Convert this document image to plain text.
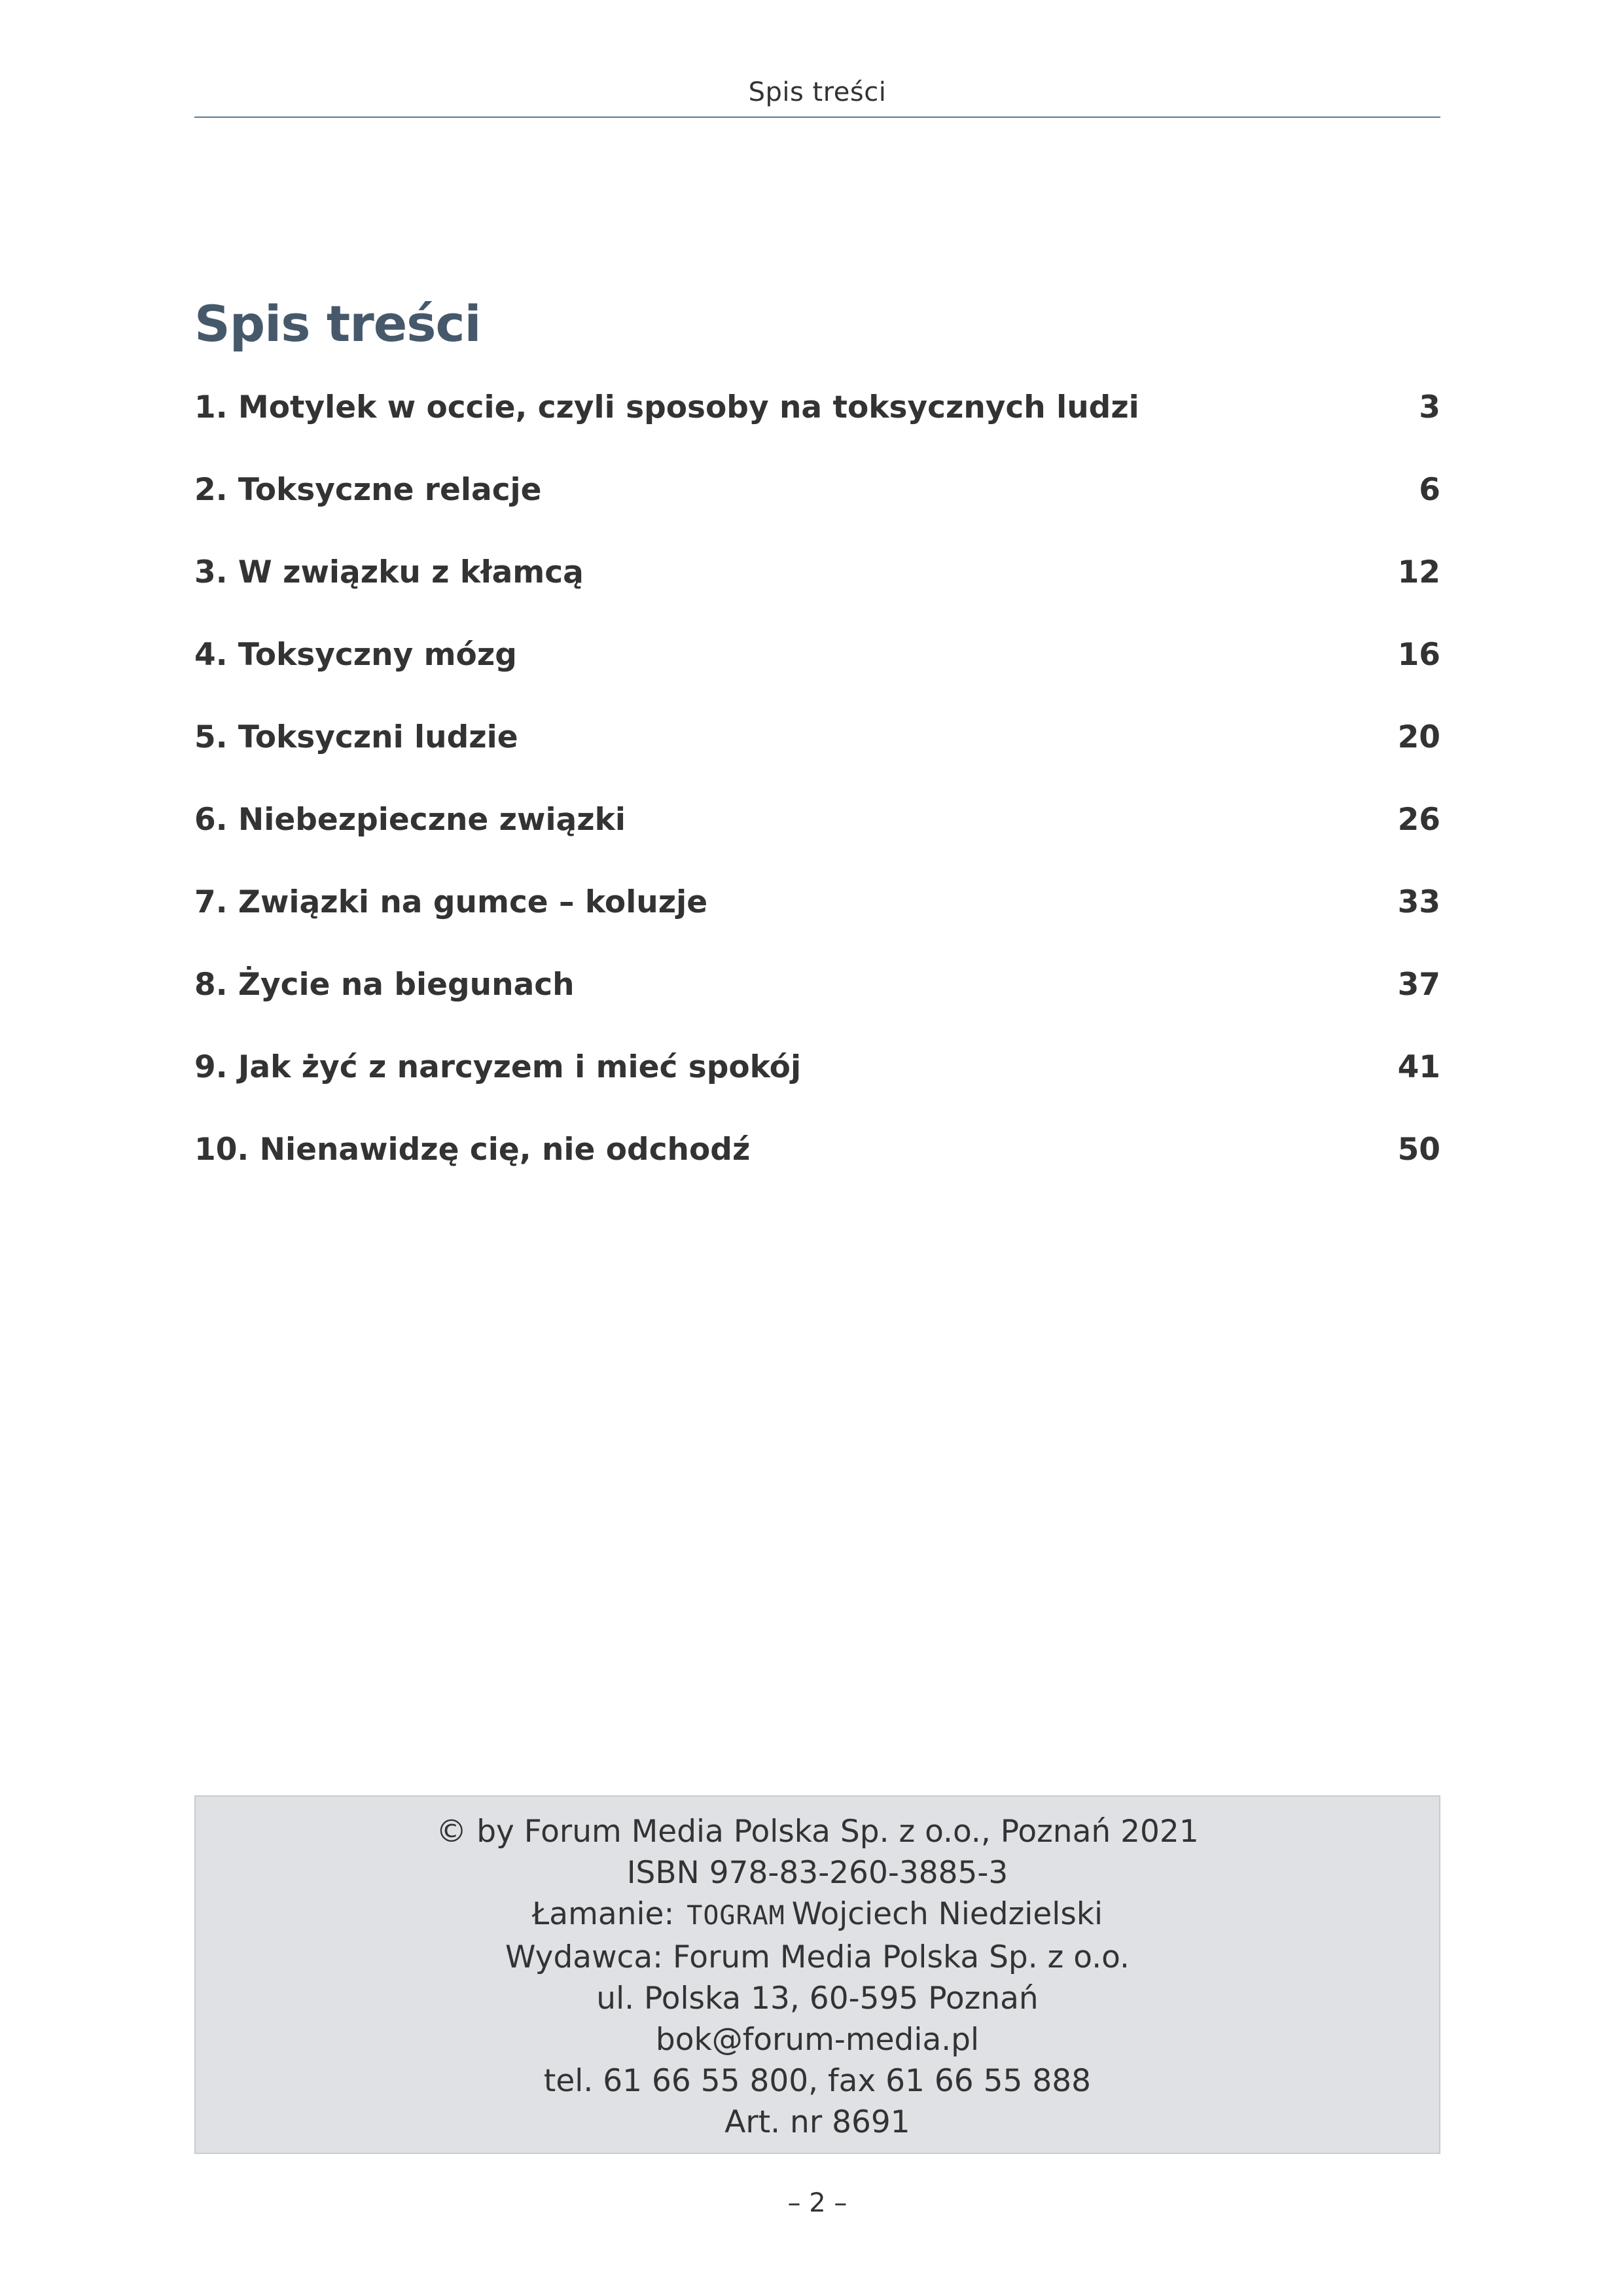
Spis treści
Spis treści
1. Motylek w occie, czyli sposoby na toksycznych ludzi	3
2. Toksyczne relacje	6
3. W związku z kłamcą	12
4. Toksyczny mózg	16
5. Toksyczni ludzie	20
6. Niebezpieczne związki	26
7. Związki na gumce – koluzje	33
8. Życie na biegunach	37
9. Jak żyć z narcyzem i mieć spokój	41
10. Nienawidzę cię, nie odchodź	50
© by Forum Media Polska Sp. z o.o., Poznań 2021
ISBN 978-83-260-3885-3
Łamanie: TOGRAM Wojciech Niedzielski
Wydawca: Forum Media Polska Sp. z o.o.
ul. Polska 13, 60-595 Poznań
bok@forum-media.pl
tel. 61 66 55 800, fax 61 66 55 888
Art. nr 8691
– 2 –
